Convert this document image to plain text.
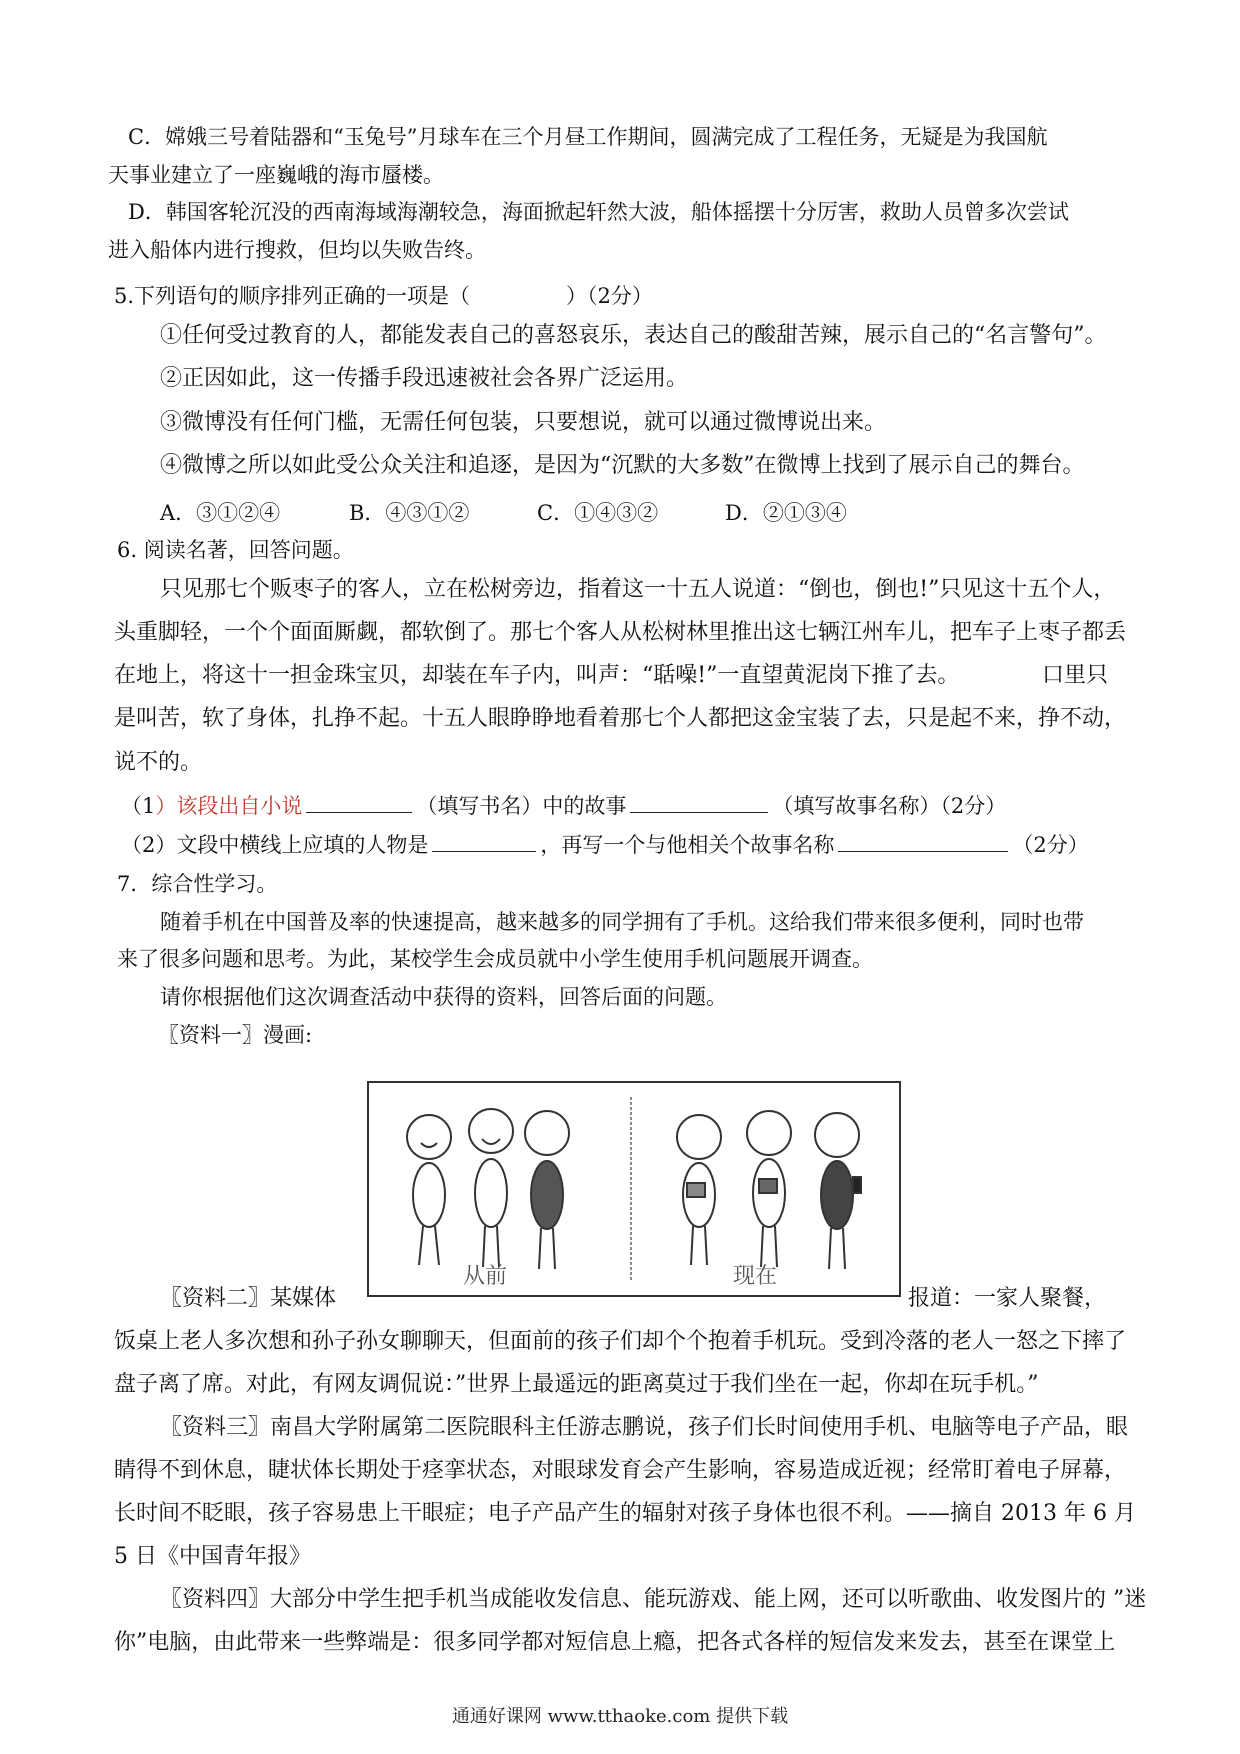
C．嫦娥三号着陆器和“玉兔号”月球车在三个月昼工作期间，圆满完成了工程任务，无疑是为我国航
天事业建立了一座巍峨的海市蜃楼。
D．韩国客轮沉没的西南海域海潮较急，海面掀起轩然大波，船体摇摆十分厉害，救助人员曾多次尝试
进入船体内进行搜救，但均以失败告终。
5.下列语句的顺序排列正确的一项是（	）（2分）
①任何受过教育的人，都能发表自己的喜怒哀乐，表达自己的酸甜苦辣，展示自己的“名言警句”。
②正因如此，这一传播手段迅速被社会各界广泛运用。
③微博没有任何门槛，无需任何包装，只要想说，就可以通过微博说出来。
④微博之所以如此受公众关注和追逐，是因为“沉默的大多数”在微博上找到了展示自己的舞台。
A．③①②④	B．④③①②	C．①④③②	D．②①③④
6. 阅读名著，回答问题。
只见那七个贩枣子的客人，立在松树旁边，指着这一十五人说道：“倒也，倒也!”只见这十五个人，
头重脚轻，一个个面面厮觑，都软倒了。那七个客人从松树林里推出这七辆江州车儿，把车子上枣子都丢
在地上，将这十一担金珠宝贝，却装在车子内，叫声：“聒噪!”一直望黄泥岗下推了去。	口里只
是叫苦，软了身体，扎挣不起。十五人眼睁睁地看着那七个人都把这金宝装了去，只是起不来，挣不动，
说不的。
（1）该段出自小说	（填写书名）中的故事	（填写故事名称）（2分）
（2）文段中横线上应填的人物是	，再写一个与他相关个故事名称	（2分）
7．综合性学习。
随着手机在中国普及率的快速提高，越来越多的同学拥有了手机。这给我们带来很多便利，同时也带
来了很多问题和思考。为此，某校学生会成员就中小学生使用手机问题展开调查。
请你根据他们这次调查活动中获得的资料，回答后面的问题。
〖资料一〗漫画:
从前	现在
〖资料二〗某媒体	报道：一家人聚餐，
饭桌上老人多次想和孙子孙女聊聊天，但面前的孩子们却个个抱着手机玩。受到冷落的老人一怒之下摔了
盘子离了席。对此，有网友调侃说：”世界上最遥远的距离莫过于我们坐在一起，你却在玩手机。”
〖资料三〗南昌大学附属第二医院眼科主任游志鹏说，孩子们长时间使用手机、电脑等电子产品，眼
睛得不到休息，睫状体长期处于痉挛状态，对眼球发育会产生影响，容易造成近视；经常盯着电子屏幕，
长时间不眨眼，孩子容易患上干眼症；电子产品产生的辐射对孩子身体也很不利。——摘自 2013 年 6 月
5 日《中国青年报》
〖资料四〗大部分中学生把手机当成能收发信息、能玩游戏、能上网，还可以听歌曲、收发图片的 ”迷
你”电脑，由此带来一些弊端是：很多同学都对短信息上瘾，把各式各样的短信发来发去，甚至在课堂上
通通好课网 www.tthaoke.com 提供下载
